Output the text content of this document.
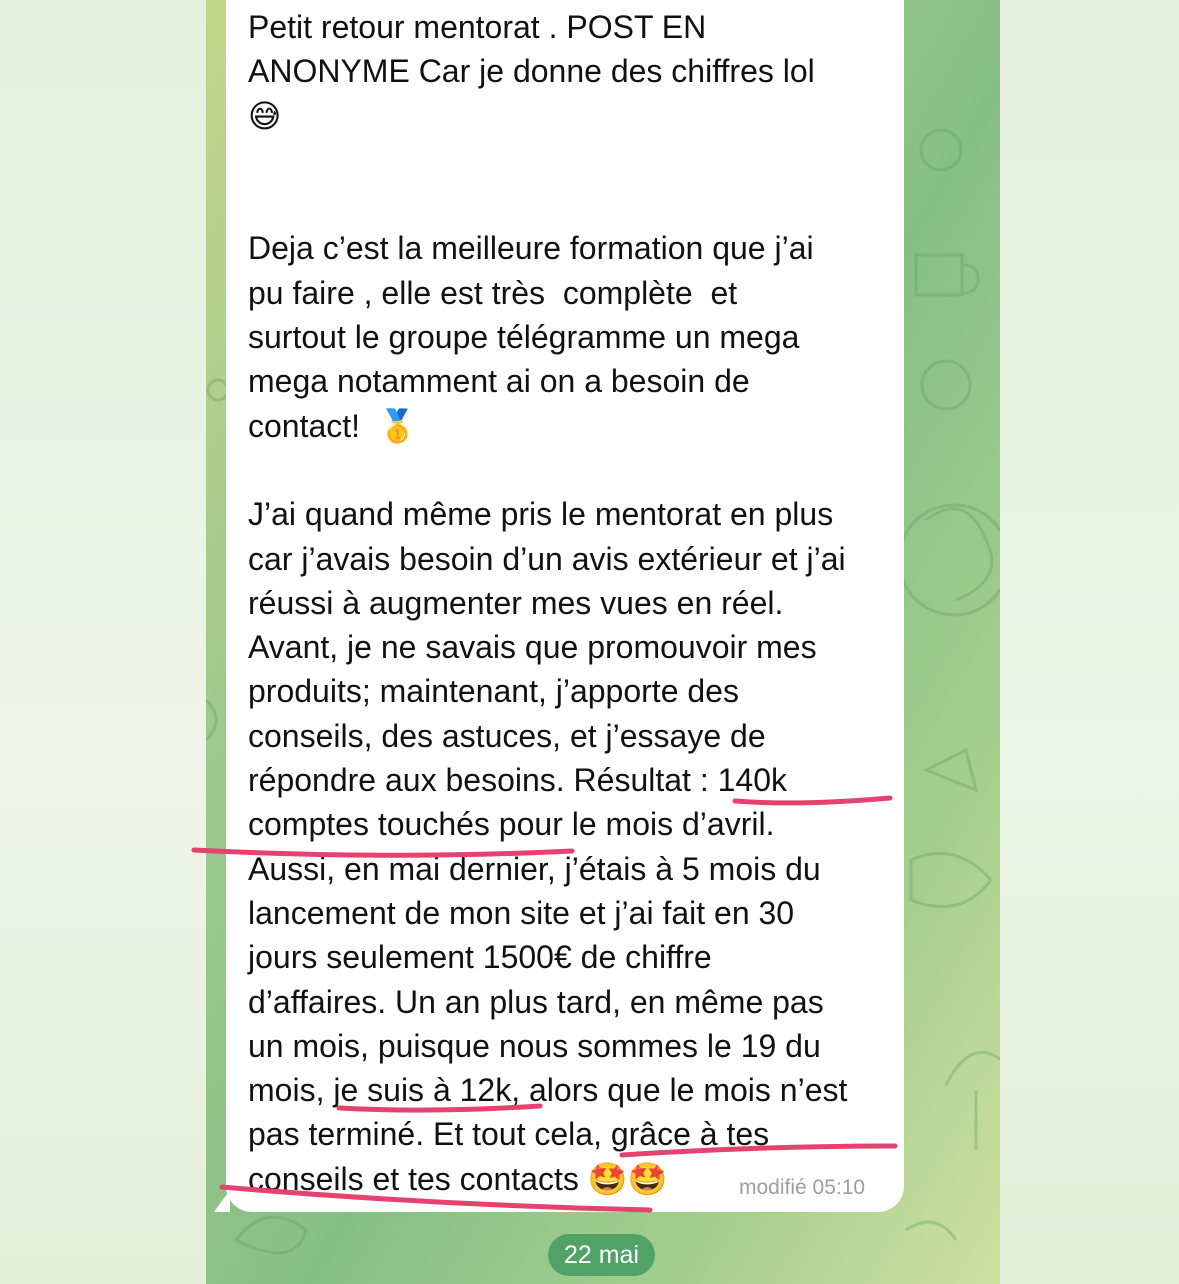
Petit retour mentorat . POST EN
ANONYME Car je donne des chiffres lol
😅
Deja c’est la meilleure formation que j’ai
pu faire , elle est très  complète  et
surtout le groupe télégramme un mega
mega notamment ai on a besoin de
contact!  🥇
J’ai quand même pris le mentorat en plus
car j’avais besoin d’un avis extérieur et j’ai
réussi à augmenter mes vues en réel.
Avant, je ne savais que promouvoir mes
produits; maintenant, j’apporte des
conseils, des astuces, et j’essaye de
répondre aux besoins. Résultat : 140k
comptes touchés pour le mois d’avril.
Aussi, en mai dernier, j’étais à 5 mois du
lancement de mon site et j’ai fait en 30
jours seulement 1500€ de chiffre
d’affaires. Un an plus tard, en même pas
un mois, puisque nous sommes le 19 du
mois, je suis à 12k, alors que le mois n’est
pas terminé. Et tout cela, grâce à tes
conseils et tes contacts 🤩🤩	modifié 05:10
22 mai
